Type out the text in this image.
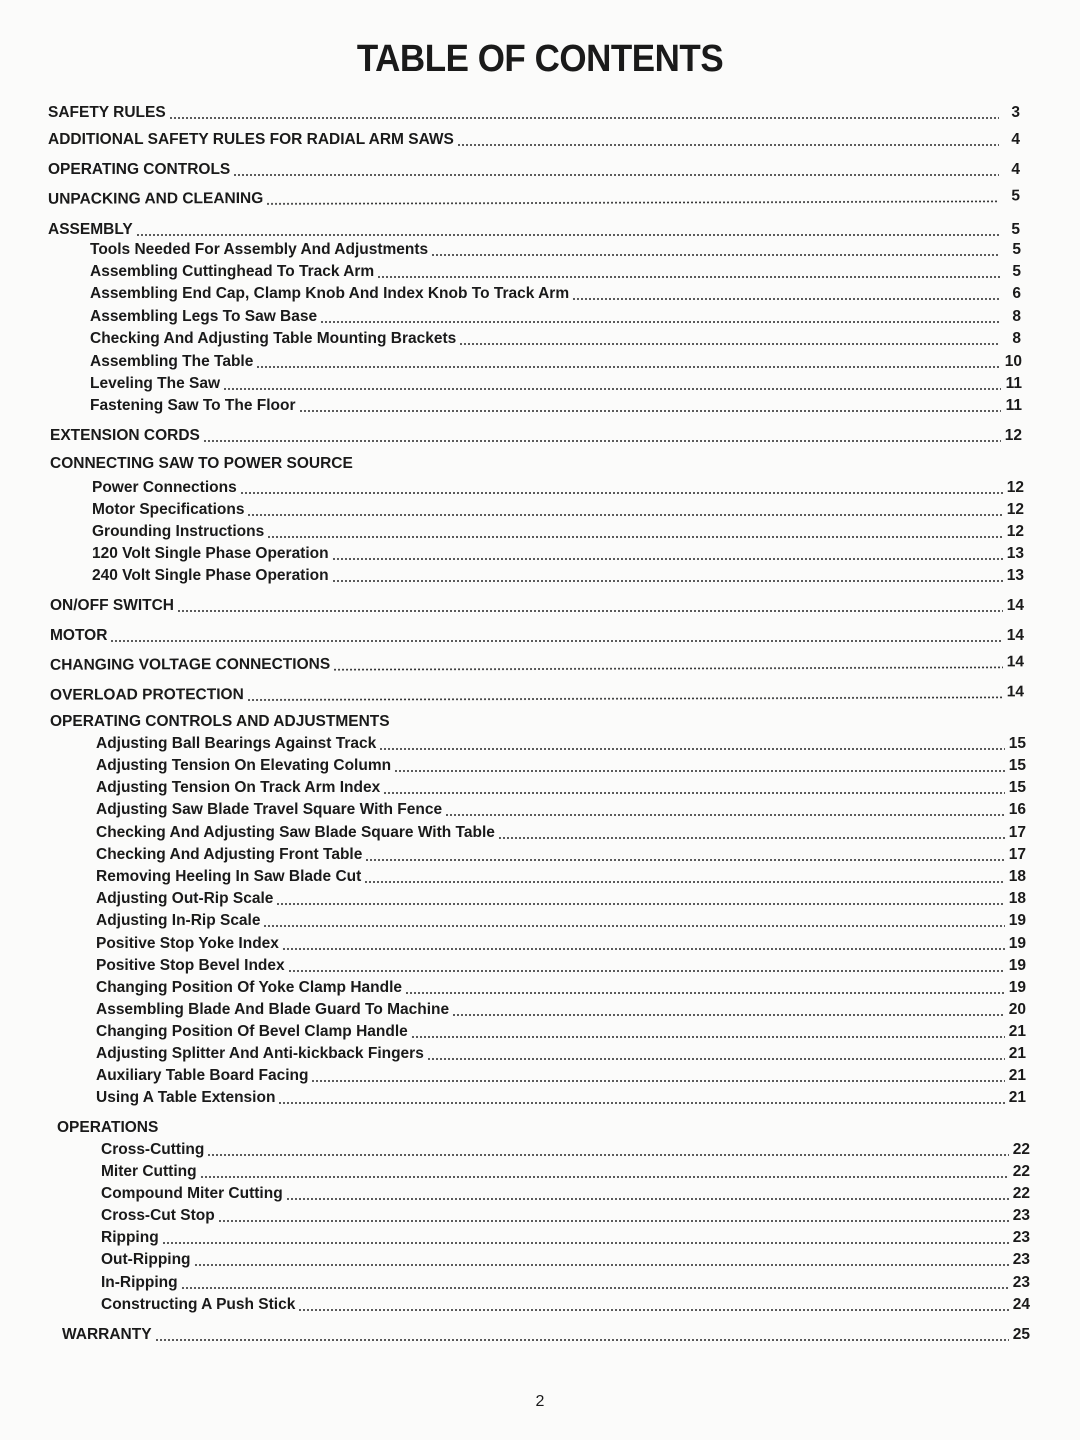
TABLE OF CONTENTS
SAFETY RULES	3
ADDITIONAL SAFETY RULES FOR RADIAL ARM SAWS	4
OPERATING CONTROLS	4
UNPACKING AND CLEANING	5
ASSEMBLY	5
Tools Needed For Assembly And Adjustments	5
Assembling Cuttinghead To Track Arm	5
Assembling End Cap, Clamp Knob And Index Knob To Track Arm	6
Assembling Legs To Saw Base	8
Checking And Adjusting Table Mounting Brackets	8
Assembling The Table	10
Leveling The Saw	11
Fastening Saw To The Floor	11
EXTENSION CORDS	12
CONNECTING SAW TO POWER SOURCE
Power Connections	12
Motor Specifications	12
Grounding Instructions	12
120 Volt Single Phase Operation	13
240 Volt Single Phase Operation	13
ON/OFF SWITCH	14
MOTOR	14
CHANGING VOLTAGE CONNECTIONS	14
OVERLOAD PROTECTION	14
OPERATING CONTROLS AND ADJUSTMENTS
Adjusting Ball Bearings Against Track	15
Adjusting Tension On Elevating Column	15
Adjusting Tension On Track Arm Index	15
Adjusting Saw Blade Travel Square With Fence	16
Checking And Adjusting Saw Blade Square With Table	17
Checking And Adjusting Front Table	17
Removing Heeling In Saw Blade Cut	18
Adjusting Out-Rip Scale	18
Adjusting In-Rip Scale	19
Positive Stop Yoke Index	19
Positive Stop Bevel Index	19
Changing Position Of Yoke Clamp Handle	19
Assembling Blade And Blade Guard To Machine	20
Changing Position Of Bevel Clamp Handle	21
Adjusting Splitter And Anti-kickback Fingers	21
Auxiliary Table Board Facing	21
Using A Table Extension	21
OPERATIONS
Cross-Cutting	22
Miter Cutting	22
Compound Miter Cutting	22
Cross-Cut Stop	23
Ripping	23
Out-Ripping	23
In-Ripping	23
Constructing A Push Stick	24
WARRANTY	25
2
